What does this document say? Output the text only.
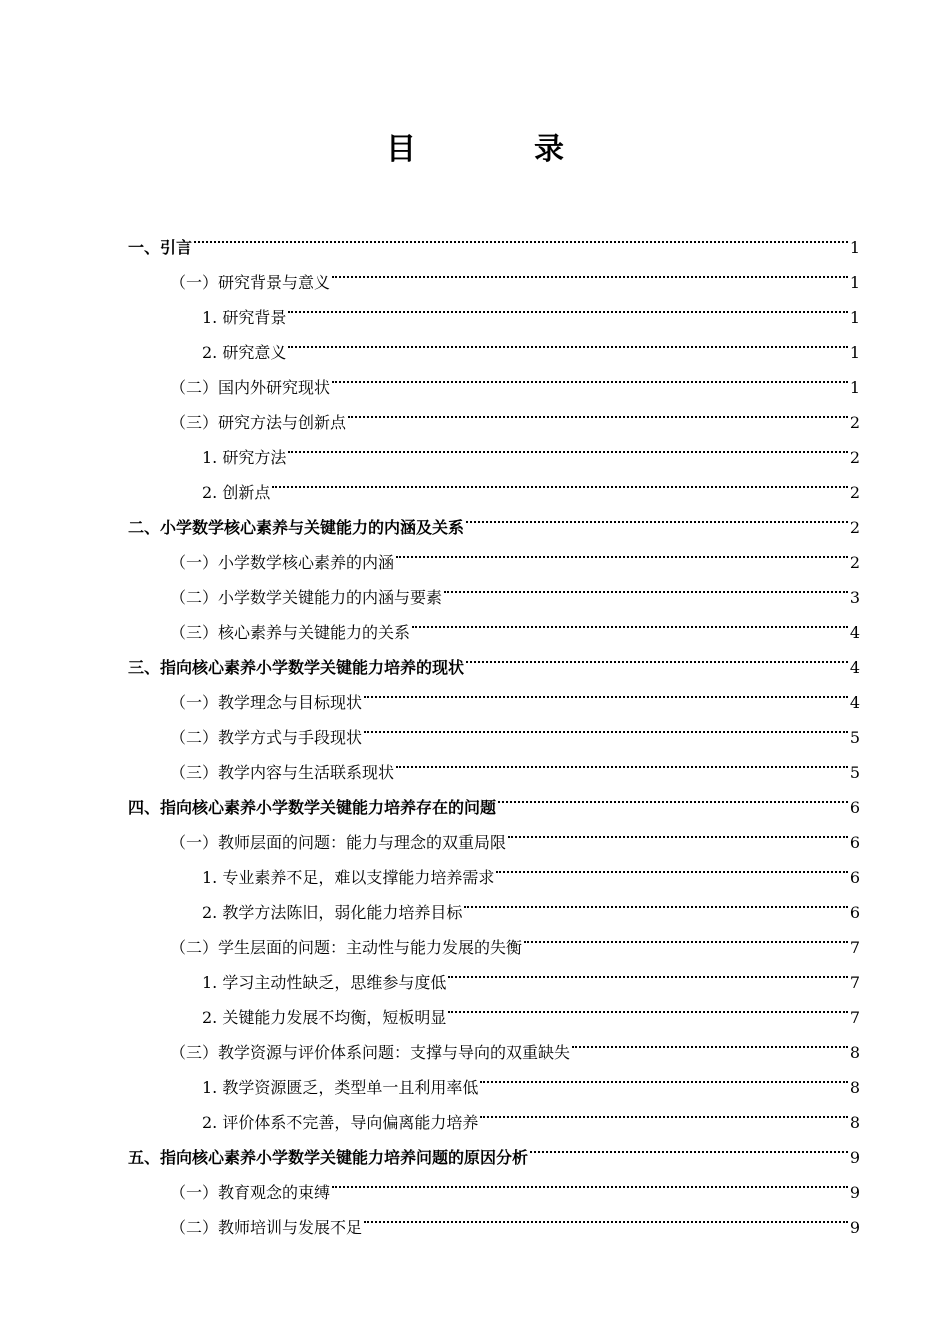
目　录
一、引言	1
（一）研究背景与意义	1
1. 研究背景	1
2. 研究意义	1
（二）国内外研究现状	1
（三）研究方法与创新点	2
1. 研究方法	2
2. 创新点	2
二、小学数学核心素养与关键能力的内涵及关系	2
（一）小学数学核心素养的内涵	2
（二）小学数学关键能力的内涵与要素	3
（三）核心素养与关键能力的关系	4
三、指向核心素养小学数学关键能力培养的现状	4
（一）教学理念与目标现状	4
（二）教学方式与手段现状	5
（三）教学内容与生活联系现状	5
四、指向核心素养小学数学关键能力培养存在的问题	6
（一）教师层面的问题：能力与理念的双重局限	6
1. 专业素养不足，难以支撑能力培养需求	6
2. 教学方法陈旧，弱化能力培养目标	6
（二）学生层面的问题：主动性与能力发展的失衡	7
1. 学习主动性缺乏，思维参与度低	7
2. 关键能力发展不均衡，短板明显	7
（三）教学资源与评价体系问题：支撑与导向的双重缺失	8
1. 教学资源匮乏，类型单一且利用率低	8
2. 评价体系不完善，导向偏离能力培养	8
五、指向核心素养小学数学关键能力培养问题的原因分析	9
（一）教育观念的束缚	9
（二）教师培训与发展不足	9
